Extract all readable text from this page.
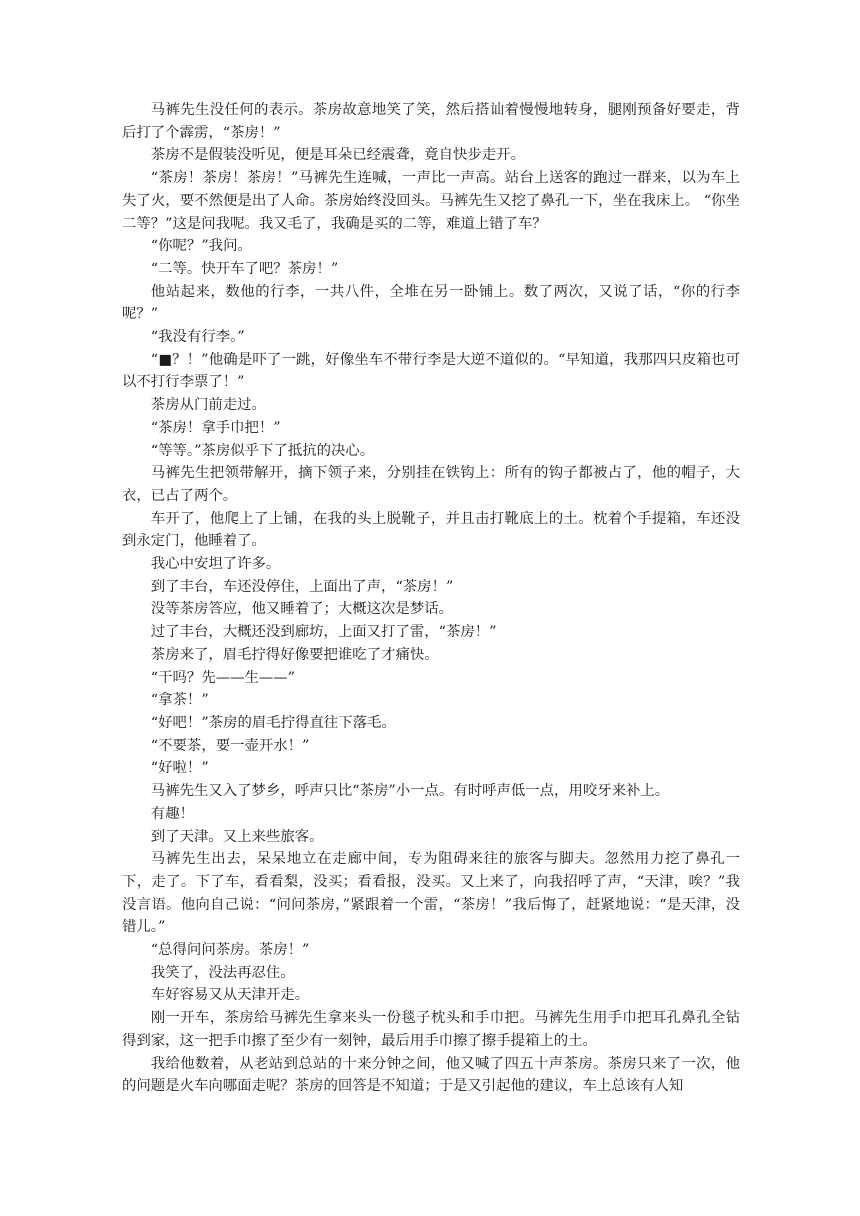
马裤先生没任何的表示。茶房故意地笑了笑，然后搭讪着慢慢地转身，腿刚预备好要走，背后打了个霹雳，“茶房！”

茶房不是假装没听见，便是耳朵已经震聋，竟自快步走开。

“茶房！茶房！茶房！”马裤先生连喊，一声比一声高。站台上送客的跑过一群来，以为车上失了火，要不然便是出了人命。茶房始终没回头。马裤先生又挖了鼻孔一下，坐在我床上。 “你坐二等？”这是问我呢。我又毛了，我确是买的二等，难道上错了车？

“你呢？”我问。

“二等。快开车了吧？茶房！”

他站起来，数他的行李，一共八件，全堆在另一卧铺上。数了两次，又说了话，“你的行李呢？”

“我没有行李。”

“■？！”他确是吓了一跳，好像坐车不带行李是大逆不道似的。“早知道，我那四只皮箱也可以不打行李票了！”

茶房从门前走过。

“茶房！拿手巾把！”

“等等。”茶房似乎下了抵抗的决心。

马裤先生把领带解开，摘下领子来，分别挂在铁钩上：所有的钩子都被占了，他的帽子，大衣，已占了两个。

车开了，他爬上了上铺，在我的头上脱靴子，并且击打靴底上的土。枕着个手提箱，车还没到永定门，他睡着了。

我心中安坦了许多。

到了丰台，车还没停住，上面出了声，“茶房！”

没等茶房答应，他又睡着了；大概这次是梦话。

过了丰台，大概还没到廊坊，上面又打了雷，“茶房！”

茶房来了，眉毛拧得好像要把谁吃了才痛快。

“干吗？先——生——”

“拿茶！”

“好吧！”茶房的眉毛拧得直往下落毛。

“不要茶，要一壶开水！”

“好啦！”

马裤先生又入了梦乡，呼声只比“茶房”小一点。有时呼声低一点，用咬牙来补上。

有趣！

到了天津。又上来些旅客。

马裤先生出去，呆呆地立在走廊中间，专为阻碍来往的旅客与脚夫。忽然用力挖了鼻孔一下，走了。下了车，看看梨，没买；看看报，没买。又上来了，向我招呼了声，“天津，唉？”我没言语。他向自己说：“问问茶房，”紧跟着一个雷，“茶房！”我后悔了，赶紧地说：“是天津，没错儿。”

“总得问问茶房。茶房！”

我笑了，没法再忍住。

车好容易又从天津开走。

刚一开车，茶房给马裤先生拿来头一份毯子枕头和手巾把。马裤先生用手巾把耳孔鼻孔全钻得到家，这一把手巾擦了至少有一刻钟，最后用手巾擦了擦手提箱上的土。

我给他数着，从老站到总站的十来分钟之间，他又喊了四五十声茶房。茶房只来了一次，他的问题是火车向哪面走呢？茶房的回答是不知道；于是又引起他的建议，车上总该有人知
